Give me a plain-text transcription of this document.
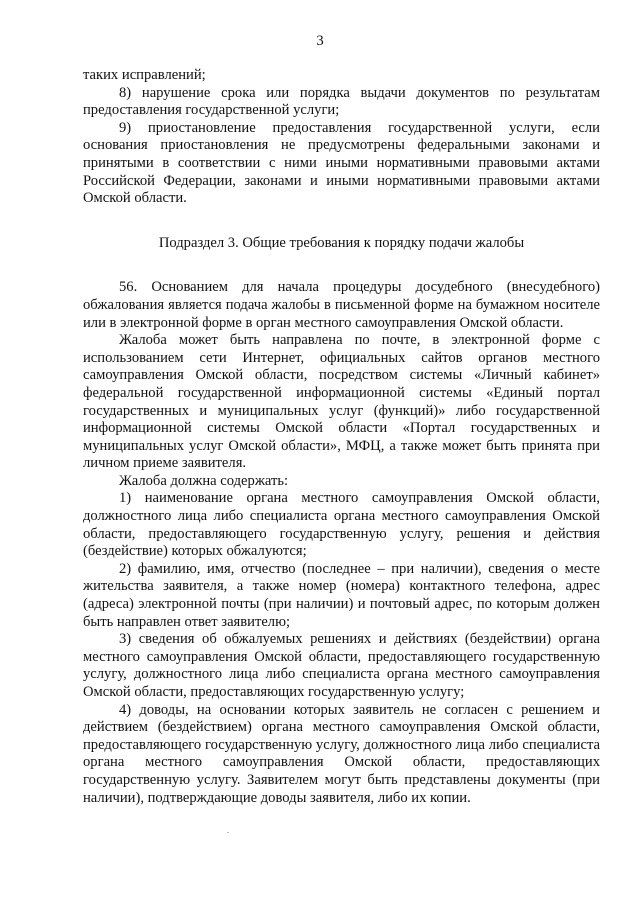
3

таких исправлений;

8) нарушение срока или порядка выдачи документов по результатам предоставления государственной услуги;

9) приостановление предоставления государственной услуги, если основания приостановления не предусмотрены федеральными законами и принятыми в соответствии с ними иными нормативными правовыми актами Российской Федерации, законами и иными нормативными правовыми актами Омской области.

Подраздел 3. Общие требования к порядку подачи жалобы

56. Основанием для начала процедуры досудебного (внесудебного) обжалования является подача жалобы в письменной форме на бумажном носителе или в электронной форме в орган местного самоуправления Омской области.

Жалоба может быть направлена по почте, в электронной форме с использованием сети Интернет, официальных сайтов органов местного самоуправления Омской области, посредством системы «Личный кабинет» федеральной государственной информационной системы «Единый портал государственных и муниципальных услуг (функций)» либо государственной информационной системы Омской области «Портал государственных и муниципальных услуг Омской области», МФЦ, а также может быть принята при личном приеме заявителя.

Жалоба должна содержать:

1) наименование органа местного самоуправления Омской области, должностного лица либо специалиста органа местного самоуправления Омской области, предоставляющего государственную услугу, решения и действия (бездействие) которых обжалуются;

2) фамилию, имя, отчество (последнее – при наличии), сведения о месте жительства заявителя, а также номер (номера) контактного телефона, адрес (адреса) электронной почты (при наличии) и почтовый адрес, по которым должен быть направлен ответ заявителю;

3) сведения об обжалуемых решениях и действиях (бездействии) органа местного самоуправления Омской области, предоставляющего государственную услугу, должностного лица либо специалиста органа местного самоуправления Омской области, предоставляющих государственную услугу;

4) доводы, на основании которых заявитель не согласен с решением и действием (бездействием) органа местного самоуправления Омской области, предоставляющего государственную услугу, должностного лица либо специалиста органа местного самоуправления Омской области, предоставляющих государственную услугу. Заявителем могут быть представлены документы (при наличии), подтверждающие доводы заявителя, либо их копии.
